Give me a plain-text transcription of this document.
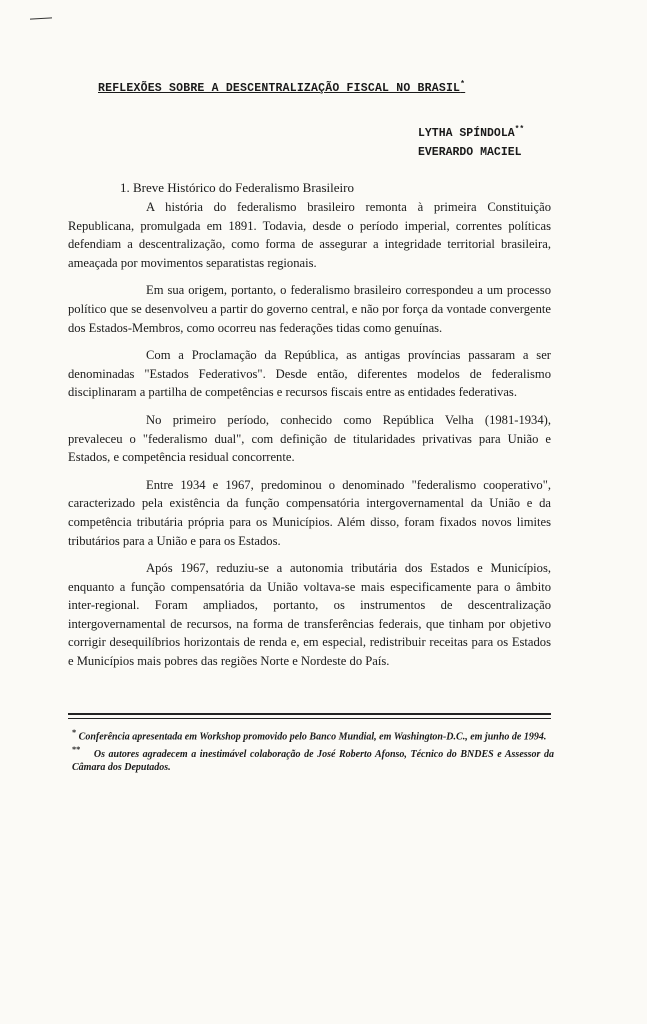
REFLEXÕES SOBRE A DESCENTRALIZAÇÃO FISCAL NO BRASIL*
LYTHA SPÍNDOLA**
EVERARDO MACIEL
1. Breve Histórico do Federalismo Brasileiro

A história do federalismo brasileiro remonta à primeira Constituição Republicana, promulgada em 1891. Todavia, desde o período imperial, correntes políticas defendiam a descentralização, como forma de assegurar a integridade territorial brasileira, ameaçada por movimentos separatistas regionais.

Em sua origem, portanto, o federalismo brasileiro correspondeu a um processo político que se desenvolveu a partir do governo central, e não por força da vontade convergente dos Estados-Membros, como ocorreu nas federações tidas como genuínas.

Com a Proclamação da República, as antigas províncias passaram a ser denominadas "Estados Federativos". Desde então, diferentes modelos de federalismo disciplinaram a partilha de competências e recursos fiscais entre as entidades federativas.

No primeiro período, conhecido como República Velha (1981-1934), prevaleceu o "federalismo dual", com definição de titularidades privativas para União e Estados, e competência residual concorrente.

Entre 1934 e 1967, predominou o denominado "federalismo cooperativo", caracterizado pela existência da função compensatória intergovernamental da União e da competência tributária própria para os Municípios. Além disso, foram fixados novos limites tributários para a União e para os Estados.

Após 1967, reduziu-se a autonomia tributária dos Estados e Municípios, enquanto a função compensatória da União voltava-se mais especificamente para o âmbito inter-regional. Foram ampliados, portanto, os instrumentos de descentralização intergovernamental de recursos, na forma de transferências federais, que tinham por objetivo corrigir desequilíbrios horizontais de renda e, em especial, redistribuir receitas para os Estados e Municípios mais pobres das regiões Norte e Nordeste do País.

* Conferência apresentada em Workshop promovido pelo Banco Mundial, em Washington-D.C., em junho de 1994.

** Os autores agradecem a inestimável colaboração de José Roberto Afonso, Técnico do BNDES e Assessor da Câmara dos Deputados.
